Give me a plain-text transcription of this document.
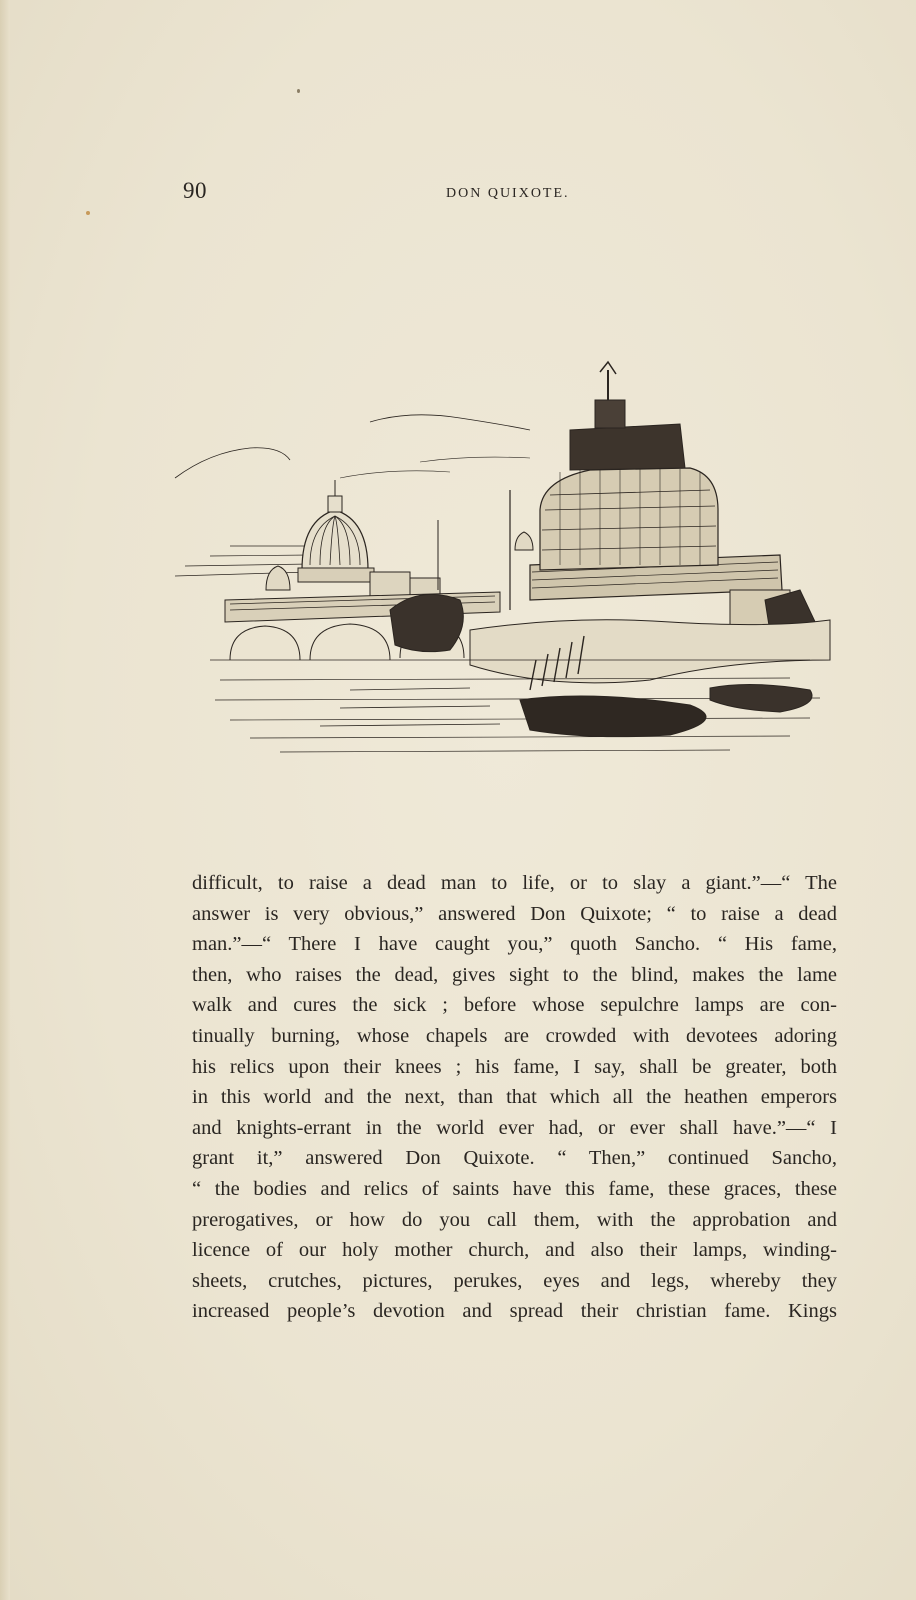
90	DON QUIXOTE.
difficult, to raise a dead man to life, or to slay a giant.”—“ The
answer is very obvious,” answered Don Quixote; “ to raise a dead
man.”—“ There I have caught you,” quoth Sancho. “ His fame,
then, who raises the dead, gives sight to the blind, makes the lame
walk and cures the sick ; before whose sepulchre lamps are con-
tinually burning, whose chapels are crowded with devotees adoring
his relics upon their knees ; his fame, I say, shall be greater, both
in this world and the next, than that which all the heathen emperors
and knights-errant in the world ever had, or ever shall have.”—“ I
grant it,” answered Don Quixote. “ Then,” continued Sancho,
“ the bodies and relics of saints have this fame, these graces, these
prerogatives, or how do you call them, with the approbation and
licence of our holy mother church, and also their lamps, winding-
sheets, crutches, pictures, perukes, eyes and legs, whereby they
increased people’s devotion and spread their christian fame. Kings
